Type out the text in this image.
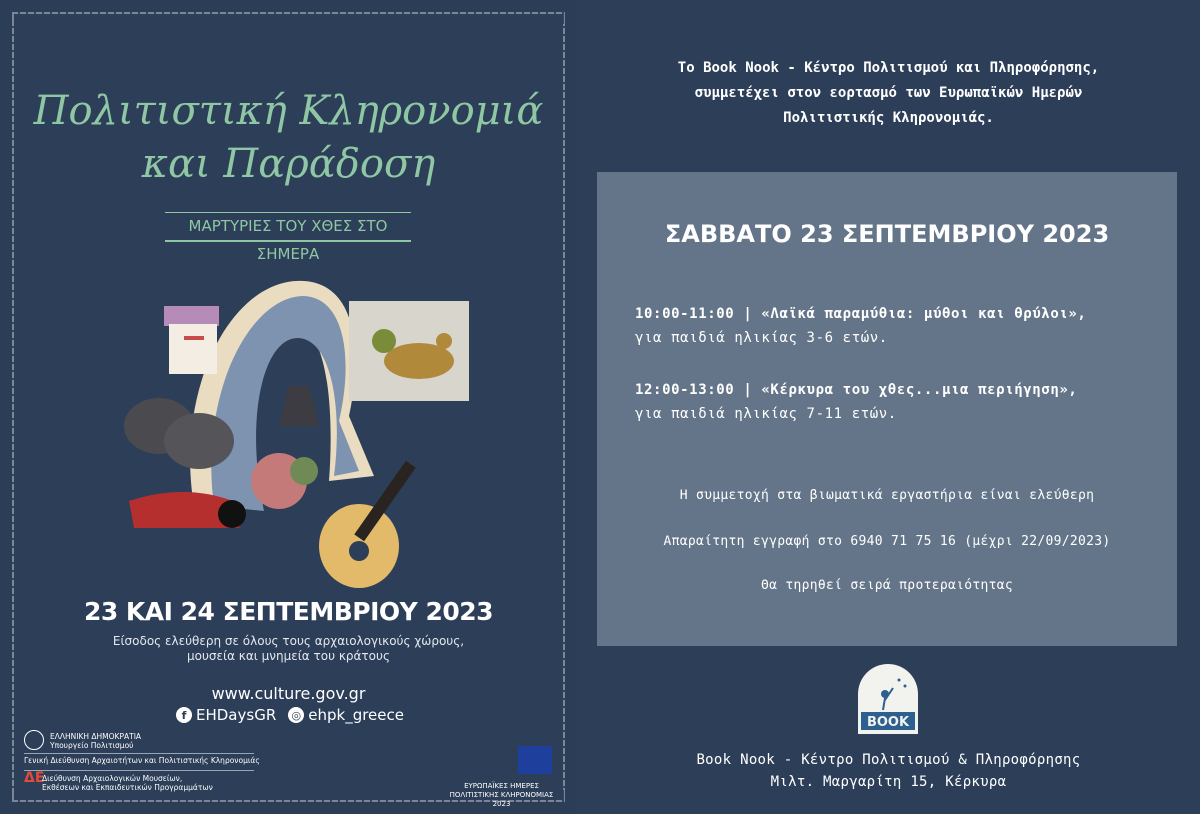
Πολιτιστική Κληρονομιά
και Παράδοση
ΜΑΡΤΥΡΙΕΣ ΤΟΥ ΧΘΕΣ ΣΤΟ ΣΗΜΕΡΑ
23 ΚΑΙ 24 ΣΕΠΤΕΜΒΡΙΟΥ 2023
Είσοδος ελεύθερη σε όλους τους αρχαιολογικούς χώρους,
μουσεία και μνημεία του κράτους
www.culture.gov.gr
f EHDaysGR ◎ ehpk_greece
ΕΛΛΗΝΙΚΗ ΔΗΜΟΚΡΑΤΙΑ
Υπουργείο Πολιτισμού
Γενική Διεύθυνση Αρχαιοτήτων και Πολιτιστικής Κληρονομιάς
ΔΕ
Διεύθυνση Αρχαιολογικών Μουσείων,
Εκθέσεων και Εκπαιδευτικών Προγραμμάτων	ΕΥΡΩΠΑΪΚΕΣ ΗΜΕΡΕΣ
ΠΟΛΙΤΙΣΤΙΚΗΣ ΚΛΗΡΟΝΟΜΙΑΣ 2023
Το Book Nook - Κέντρο Πολιτισμού και Πληροφόρησης,
συμμετέχει στον εορτασμό των Ευρωπαϊκών Ημερών
Πολιτιστικής Κληρονομιάς.
ΣΑΒΒΑΤΟ 23 ΣΕΠΤΕΜΒΡΙΟΥ 2023
10:00-11:00 | «Λαϊκά παραμύθια: μύθοι και θρύλοι»,
για παιδιά ηλικίας 3-6 ετών.
12:00-13:00 | «Κέρκυρα του χθες...μια περιήγηση»,
για παιδιά ηλικίας 7-11 ετών.
Η συμμετοχή στα βιωματικά εργαστήρια είναι ελεύθερη
Απαραίτητη εγγραφή στο 6940 71 75 16 (μέχρι 22/09/2023)
Θα τηρηθεί σειρά προτεραιότητας
BOOK
Book Nook - Κέντρο Πολιτισμού & Πληροφόρησης
Μιλτ. Μαργαρίτη 15, Κέρκυρα
